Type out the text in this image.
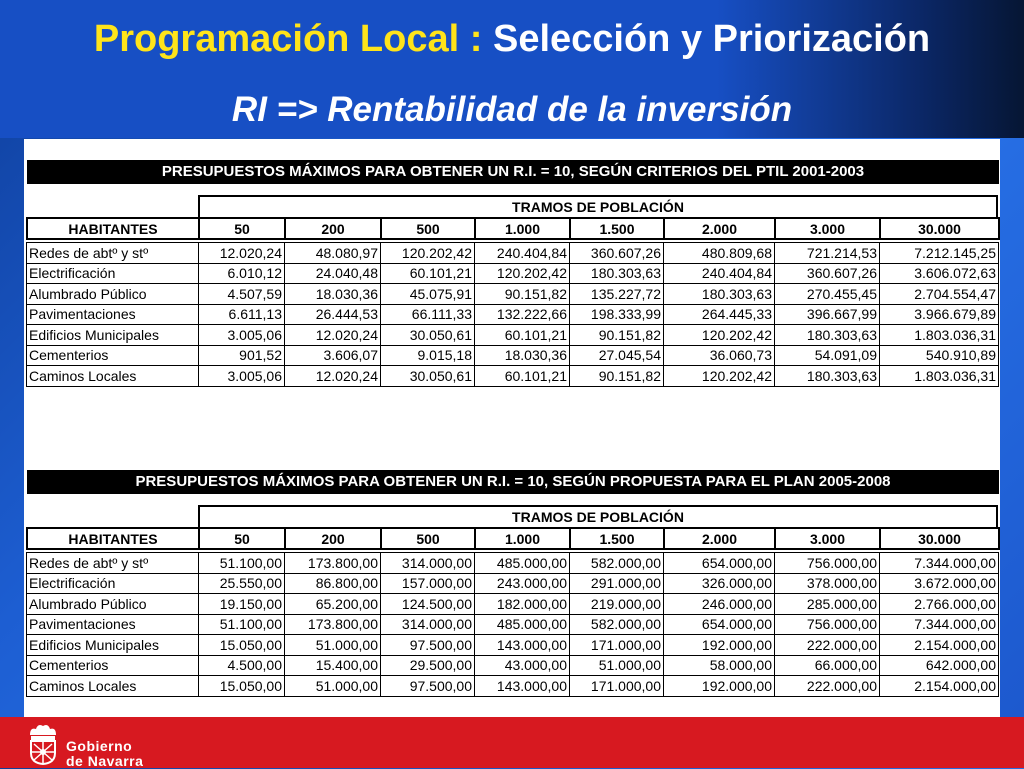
Programación Local : Selección y Priorización
RI => Rentabilidad de la inversión
PRESUPUESTOS MÁXIMOS PARA OBTENER UN R.I. = 10, SEGÚN CRITERIOS DEL PTIL 2001-2003
TRAMOS DE POBLACIÓN
HABITANTES	50	200	500	1.000	1.500	2.000	3.000	30.000
Redes de abtº y stº	12.020,24	48.080,97	120.202,42	240.404,84	360.607,26	480.809,68	721.214,53	7.212.145,25
Electrificación	6.010,12	24.040,48	60.101,21	120.202,42	180.303,63	240.404,84	360.607,26	3.606.072,63
Alumbrado Público	4.507,59	18.030,36	45.075,91	90.151,82	135.227,72	180.303,63	270.455,45	2.704.554,47
Pavimentaciones	6.611,13	26.444,53	66.111,33	132.222,66	198.333,99	264.445,33	396.667,99	3.966.679,89
Edificios Municipales	3.005,06	12.020,24	30.050,61	60.101,21	90.151,82	120.202,42	180.303,63	1.803.036,31
Cementerios	901,52	3.606,07	9.015,18	18.030,36	27.045,54	36.060,73	54.091,09	540.910,89
Caminos Locales	3.005,06	12.020,24	30.050,61	60.101,21	90.151,82	120.202,42	180.303,63	1.803.036,31
PRESUPUESTOS MÁXIMOS PARA OBTENER UN R.I. = 10, SEGÚN PROPUESTA PARA EL PLAN 2005-2008
TRAMOS DE POBLACIÓN
HABITANTES	50	200	500	1.000	1.500	2.000	3.000	30.000
Redes de abtº y stº	51.100,00	173.800,00	314.000,00	485.000,00	582.000,00	654.000,00	756.000,00	7.344.000,00
Electrificación	25.550,00	86.800,00	157.000,00	243.000,00	291.000,00	326.000,00	378.000,00	3.672.000,00
Alumbrado Público	19.150,00	65.200,00	124.500,00	182.000,00	219.000,00	246.000,00	285.000,00	2.766.000,00
Pavimentaciones	51.100,00	173.800,00	314.000,00	485.000,00	582.000,00	654.000,00	756.000,00	7.344.000,00
Edificios Municipales	15.050,00	51.000,00	97.500,00	143.000,00	171.000,00	192.000,00	222.000,00	2.154.000,00
Cementerios	4.500,00	15.400,00	29.500,00	43.000,00	51.000,00	58.000,00	66.000,00	642.000,00
Caminos Locales	15.050,00	51.000,00	97.500,00	143.000,00	171.000,00	192.000,00	222.000,00	2.154.000,00
Gobierno
de Navarra
